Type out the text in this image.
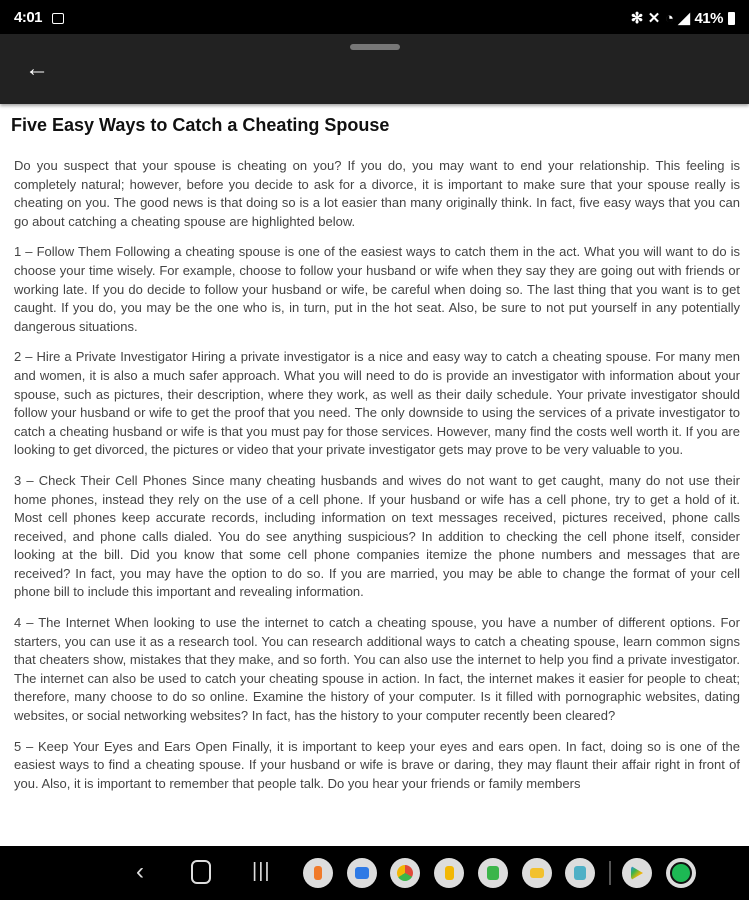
4:01	✻ ✕ ◔ ◢ 41%
←
Five Easy Ways to Catch a Cheating Spouse

Do you suspect that your spouse is cheating on you? If you do, you may want to end your relationship. This feeling is completely natural; however, before you decide to ask for a divorce, it is important to make sure that your spouse really is cheating on you. The good news is that doing so is a lot easier than many originally think. In fact, five easy ways that you can go about catching a cheating spouse are highlighted below.

1 – Follow Them Following a cheating spouse is one of the easiest ways to catch them in the act. What you will want to do is choose your time wisely. For example, choose to follow your husband or wife when they say they are going out with friends or working late. If you do decide to follow your husband or wife, be careful when doing so. The last thing that you want is to get caught. If you do, you may be the one who is, in turn, put in the hot seat. Also, be sure to not put yourself in any potentially dangerous situations.

2 – Hire a Private Investigator Hiring a private investigator is a nice and easy way to catch a cheating spouse. For many men and women, it is also a much safer approach. What you will need to do is provide an investigator with information about your spouse, such as pictures, their description, where they work, as well as their daily schedule. Your private investigator should follow your husband or wife to get the proof that you need. The only downside to using the services of a private investigator to catch a cheating husband or wife is that you must pay for those services. However, many find the costs well worth it. If you are looking to get divorced, the pictures or video that your private investigator gets may prove to be very valuable to you.

3 – Check Their Cell Phones Since many cheating husbands and wives do not want to get caught, many do not use their home phones, instead they rely on the use of a cell phone. If your husband or wife has a cell phone, try to get a hold of it. Most cell phones keep accurate records, including information on text messages received, pictures received, phone calls received, and phone calls dialed. You do see anything suspicious? In addition to checking the cell phone itself, consider looking at the bill. Did you know that some cell phone companies itemize the phone numbers and messages that are received? In fact, you may have the option to do so. If you are married, you may be able to change the format of your cell phone bill to include this important and revealing information.

4 – The Internet When looking to use the internet to catch a cheating spouse, you have a number of different options. For starters, you can use it as a research tool. You can research additional ways to catch a cheating spouse, learn common signs that cheaters show, mistakes that they make, and so forth. You can also use the internet to help you find a private investigator. The internet can also be used to catch your cheating spouse in action. In fact, the internet makes it easier for people to cheat; therefore, many choose to do so online. Examine the history of your computer. Is it filled with pornographic websites, dating websites, or social networking websites? In fact, has the history to your computer recently been cleared?

5 – Keep Your Eyes and Ears Open Finally, it is important to keep your eyes and ears open. In fact, doing so is one of the easiest ways to find a cheating spouse. If your husband or wife is brave or daring, they may flaunt their affair right in front of you. Also, it is important to remember that people talk. Do you hear your friends or family members

‹	|||
